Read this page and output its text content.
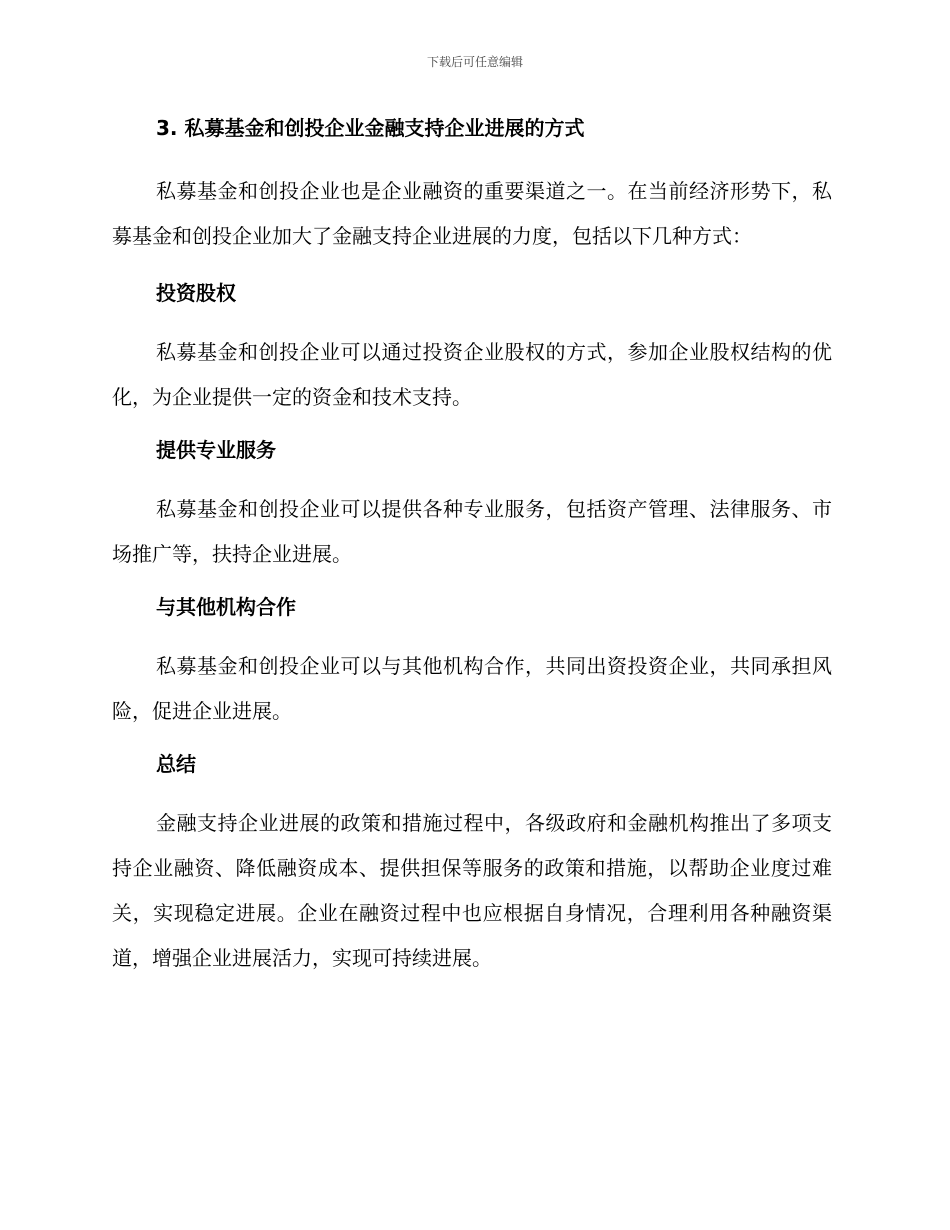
下载后可任意编辑
3. 私募基金和创投企业金融支持企业进展的方式

私募基金和创投企业也是企业融资的重要渠道之一。在当前经济形势下，私募基金和创投企业加大了金融支持企业进展的力度，包括以下几种方式：

投资股权

私募基金和创投企业可以通过投资企业股权的方式，参加企业股权结构的优化，为企业提供一定的资金和技术支持。

提供专业服务

私募基金和创投企业可以提供各种专业服务，包括资产管理、法律服务、市场推广等，扶持企业进展。

与其他机构合作

私募基金和创投企业可以与其他机构合作，共同出资投资企业，共同承担风险，促进企业进展。

总结

金融支持企业进展的政策和措施过程中，各级政府和金融机构推出了多项支持企业融资、降低融资成本、提供担保等服务的政策和措施，以帮助企业度过难关，实现稳定进展。企业在融资过程中也应根据自身情况，合理利用各种融资渠道，增强企业进展活力，实现可持续进展。
